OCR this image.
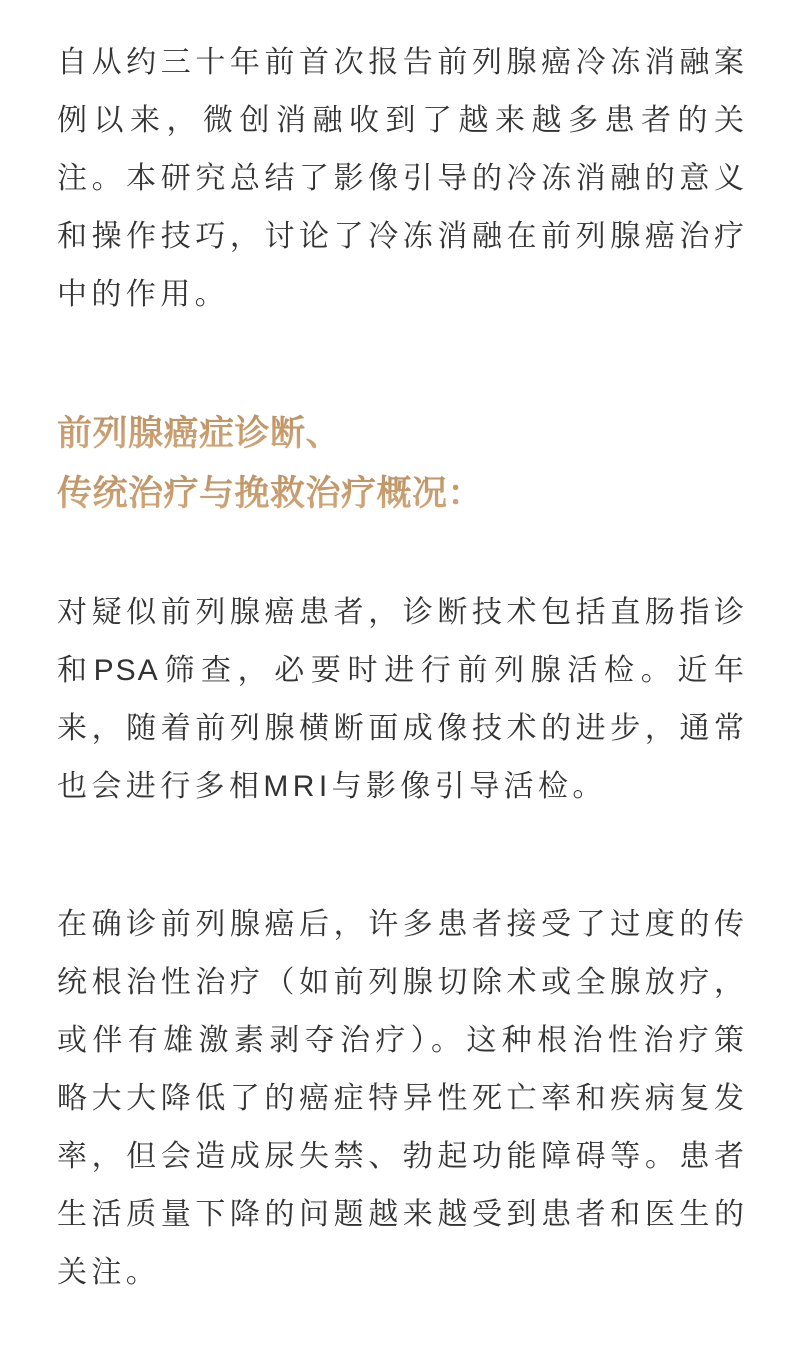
自从约三十年前首次报告前列腺癌冷冻消融案
例以来，微创消融收到了越来越多患者的关
注。本研究总结了影像引导的冷冻消融的意义
和操作技巧，讨论了冷冻消融在前列腺癌治疗
中的作用。
前列腺癌症诊断、
传统治疗与挽救治疗概况：
对疑似前列腺癌患者，诊断技术包括直肠指诊
和PSA筛查，必要时进行前列腺活检。近年
来，随着前列腺横断面成像技术的进步，通常
也会进行多相MRI与影像引导活检。
在确诊前列腺癌后，许多患者接受了过度的传
统根治性治疗（如前列腺切除术或全腺放疗，
或伴有雄激素剥夺治疗）。这种根治性治疗策
略大大降低了的癌症特异性死亡率和疾病复发
率，但会造成尿失禁、勃起功能障碍等。患者
生活质量下降的问题越来越受到患者和医生的
关注。
